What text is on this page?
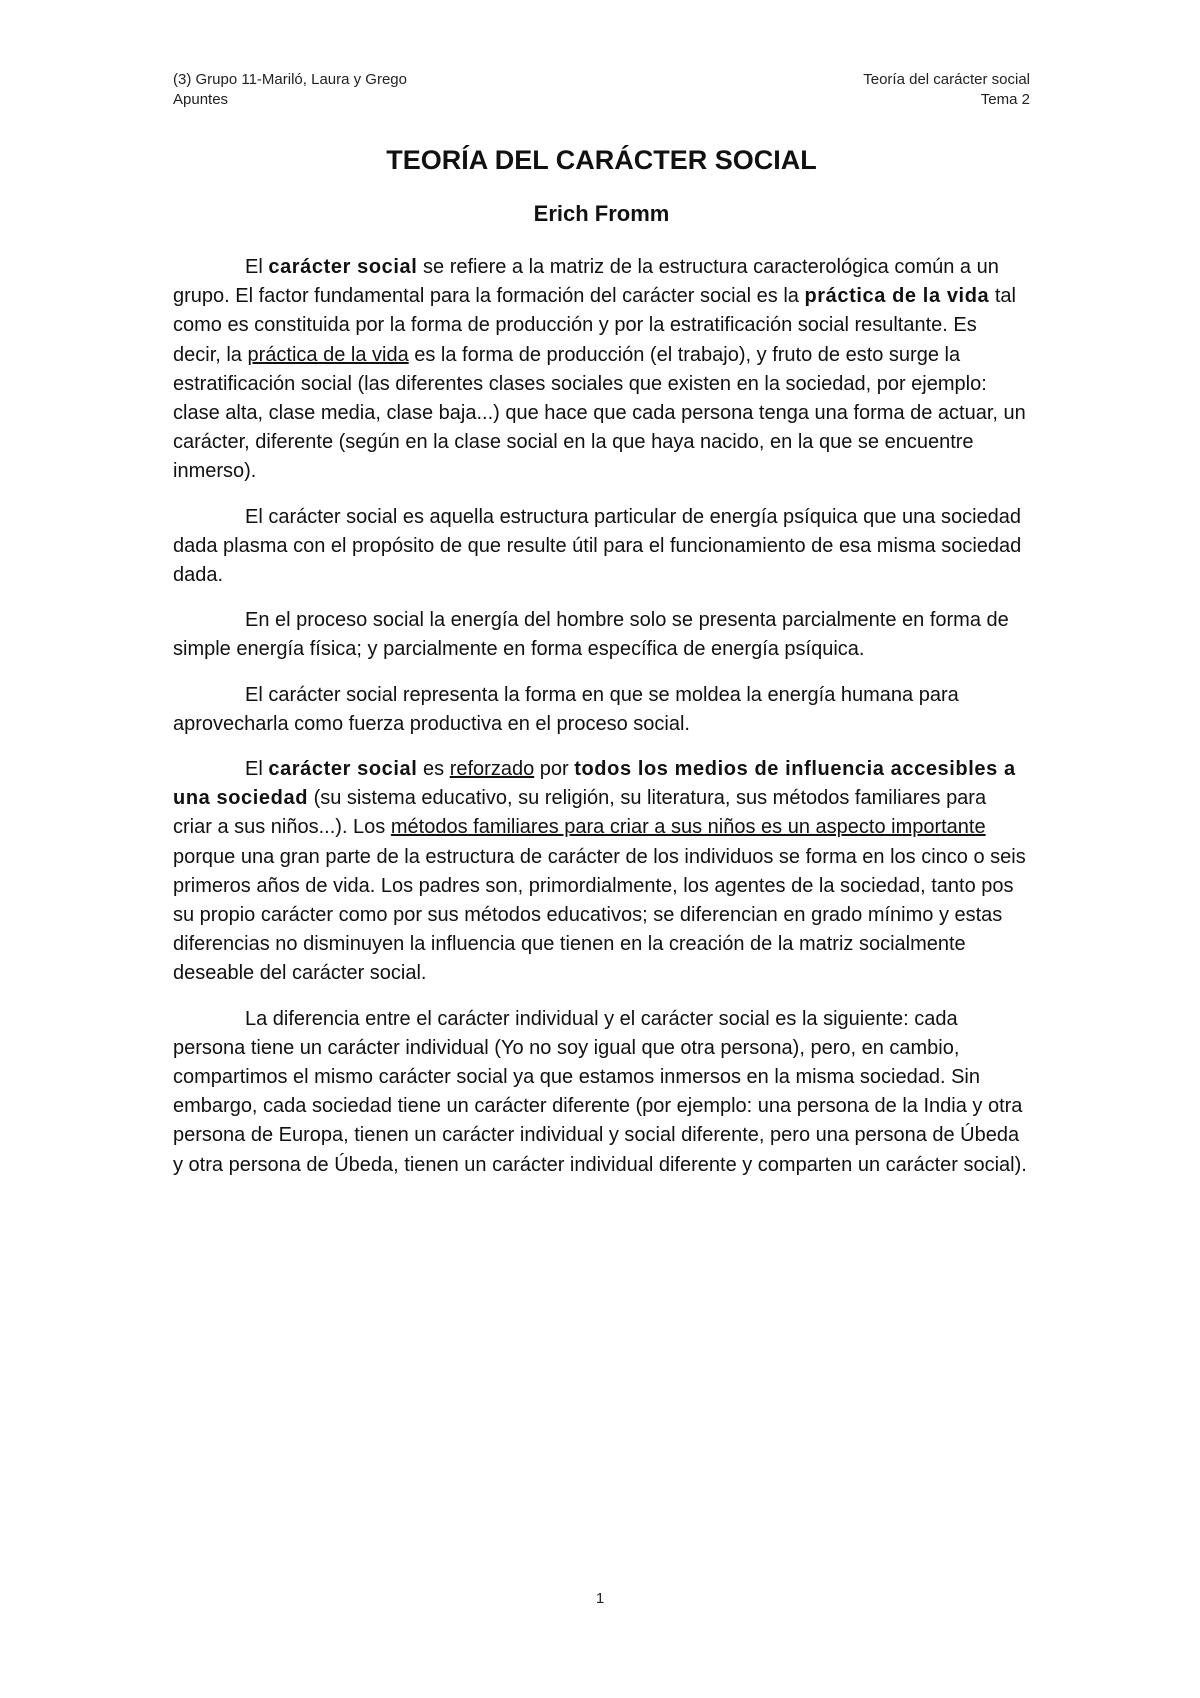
(3) Grupo 11-Mariló, Laura y Grego	Teoría del carácter social
Apuntes	Tema 2
TEORÍA DEL CARÁCTER SOCIAL
Erich Fromm

El carácter social se refiere a la matriz de la estructura caracterológica común a un grupo. El factor fundamental para la formación del carácter social es la práctica de la vida tal como es constituida por la forma de producción y por la estratificación social resultante. Es decir, la práctica de la vida es la forma de producción (el trabajo), y fruto de esto surge la estratificación social (las diferentes clases sociales que existen en la sociedad, por ejemplo: clase alta, clase media, clase baja...) que hace que cada persona tenga una forma de actuar, un carácter, diferente (según en la clase social en la que haya nacido, en la que se encuentre inmerso).

El carácter social es aquella estructura particular de energía psíquica que una sociedad dada plasma con el propósito de que resulte útil para el funcionamiento de esa misma sociedad dada.

En el proceso social la energía del hombre solo se presenta parcialmente en forma de simple energía física; y parcialmente en forma específica de energía psíquica.

El carácter social representa la forma en que se moldea la energía humana para aprovecharla como fuerza productiva en el proceso social.

El carácter social es reforzado por todos los medios de influencia accesibles a una sociedad (su sistema educativo, su religión, su literatura, sus métodos familiares para criar a sus niños...). Los métodos familiares para criar a sus niños es un aspecto importante porque una gran parte de la estructura de carácter de los individuos se forma en los cinco o seis primeros años de vida. Los padres son, primordialmente, los agentes de la sociedad, tanto pos su propio carácter como por sus métodos educativos; se diferencian en grado mínimo y estas diferencias no disminuyen la influencia que tienen en la creación de la matriz socialmente deseable del carácter social.

La diferencia entre el carácter individual y el carácter social es la siguiente: cada persona tiene un carácter individual (Yo no soy igual que otra persona), pero, en cambio, compartimos el mismo carácter social ya que estamos inmersos en la misma sociedad. Sin embargo, cada sociedad tiene un carácter diferente (por ejemplo: una persona de la India y otra persona de Europa, tienen un carácter individual y social diferente, pero una persona de Úbeda y otra persona de Úbeda, tienen un carácter individual diferente y comparten un carácter social).

1
